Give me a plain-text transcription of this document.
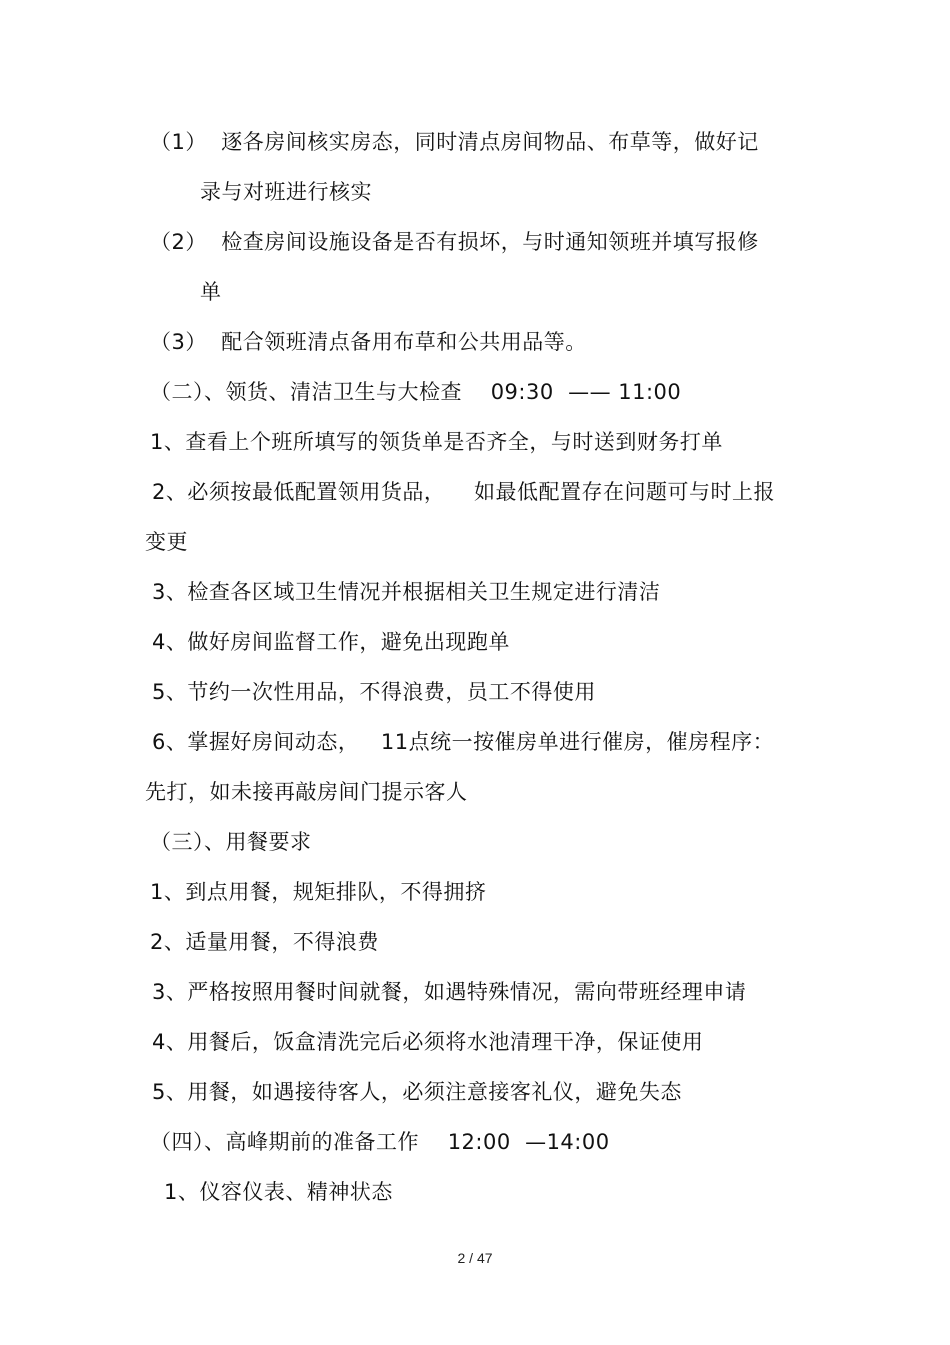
（1）  逐各房间核实房态，同时清点房间物品、布草等，做好记
录与对班进行核实
（2）  检查房间设施设备是否有损坏，与时通知领班并填写报修
单
（3）  配合领班清点备用布草和公共用品等。
（二）、领货、清洁卫生与大检查    09:30  —— 11:00
1、查看上个班所填写的领货单是否齐全，与时送到财务打单
2、必须按最低配置领用货品，    如最低配置存在问题可与时上报
变更
3、检查各区域卫生情况并根据相关卫生规定进行清洁
4、做好房间监督工作，避免出现跑单
5、节约一次性用品，不得浪费，员工不得使用
6、掌握好房间动态，   11点统一按催房单进行催房，催房程序：
先打，如未接再敲房间门提示客人
（三）、用餐要求
1、到点用餐，规矩排队，不得拥挤
2、适量用餐，不得浪费
3、严格按照用餐时间就餐，如遇特殊情况，需向带班经理申请
4、用餐后，饭盒清洗完后必须将水池清理干净，保证使用
5、用餐，如遇接待客人，必须注意接客礼仪，避免失态
（四）、高峰期前的准备工作    12:00  —14:00
1、仪容仪表、精神状态
2 / 47
